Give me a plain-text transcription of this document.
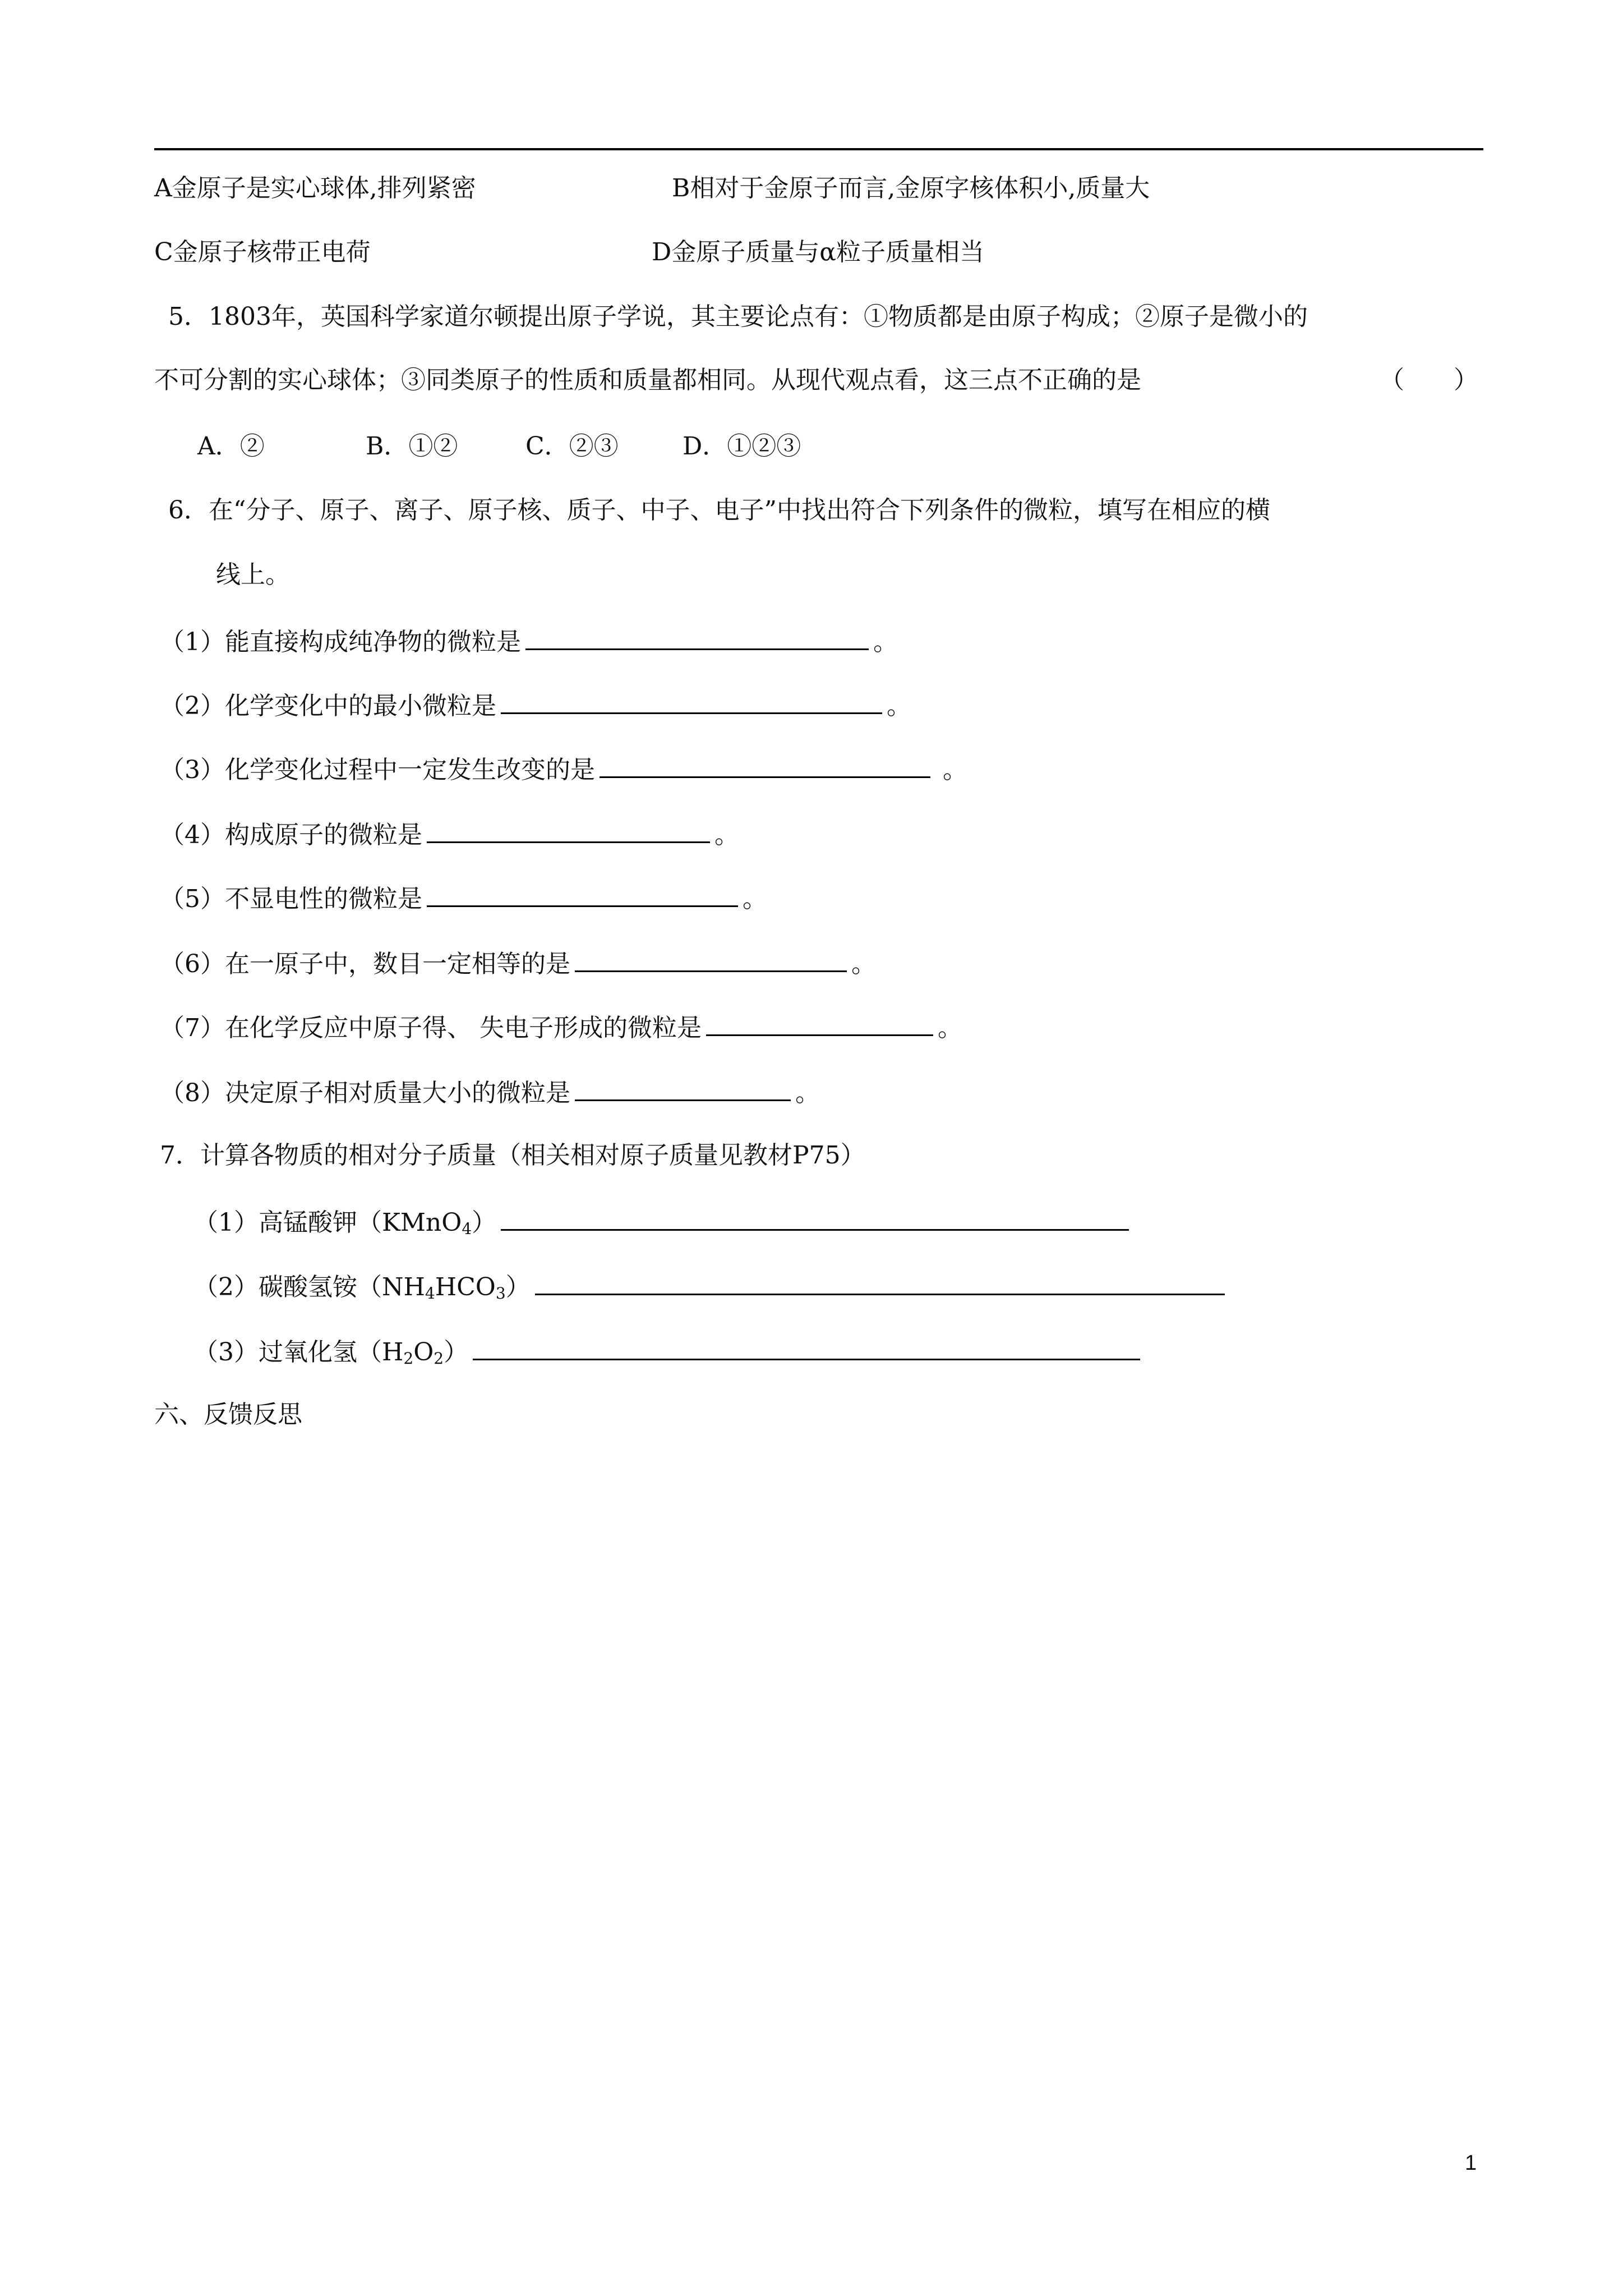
A金原子是实心球体,排列紧密	B相对于金原子而言,金原字核体积小,质量大
C金原子核带正电荷	D金原子质量与α粒子质量相当
5．1803年，英国科学家道尔顿提出原子学说，其主要论点有：①物质都是由原子构成；②原子是微小的
不可分割的实心球体；③同类原子的性质和质量都相同。从现代观点看，这三点不正确的是	（　　）
A．②	B．①②	C．②③	D．①②③
6．在“分子、原子、离子、原子核、质子、中子、电子”中找出符合下列条件的微粒，填写在相应的横
线上。
（1）能直接构成纯净物的微粒是	。
（2）化学变化中的最小微粒是	。
（3）化学变化过程中一定发生改变的是	。
（4）构成原子的微粒是	。
（5）不显电性的微粒是	。
（6）在一原子中，数目一定相等的是	。
（7）在化学反应中原子得、 失电子形成的微粒是	。
（8）决定原子相对质量大小的微粒是	。
7．计算各物质的相对分子质量（相关相对原子质量见教材P75）
（1）高锰酸钾（KMnO$_4$）
（2）碳酸氢铵$(NH_4HCO_3)$
（3）过氧化氢$(H_2O_2)$
六、反馈反思
1
